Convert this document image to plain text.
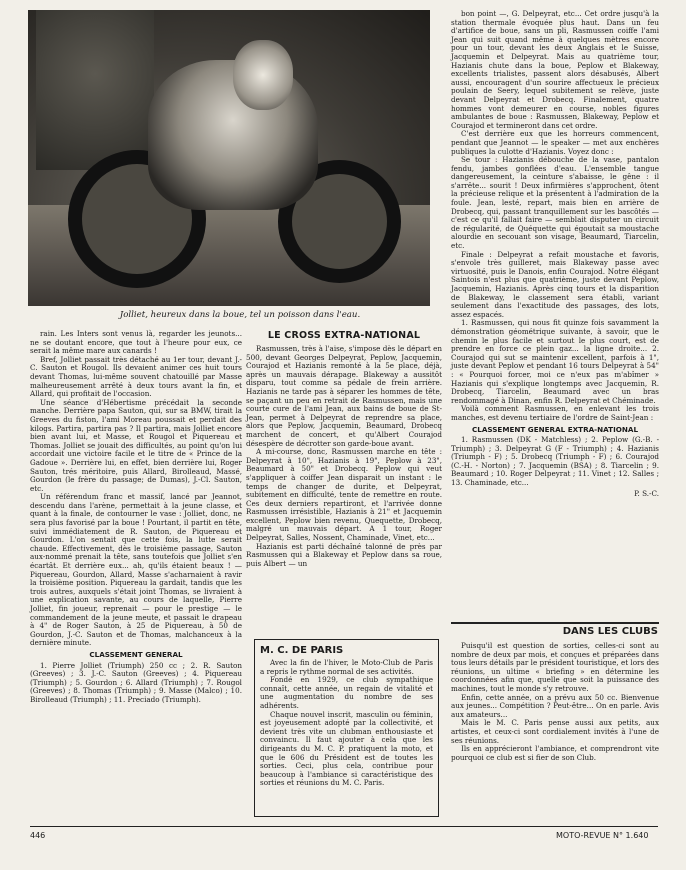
Jolliet, heureux dans la boue, tel un poisson dans l'eau.

rain. Les Inters sont venus là, regarder les jeunots... ne se doutant encore, que tout à l'heure pour eux, ce serait la même mare aux canards !

Bref, Jolliet passait très détaché au 1er tour, devant J.-C. Sauton et Rougol. Ils devaient animer ces huit tours devant Thomas, lui-même souvent chatouillé par Masse malheureusement arrêté à deux tours avant la fin, et Allard, qui profitait de l'occasion.

Une séance d'Hébertisme précédait la seconde manche. Derrière papa Sauton, qui, sur sa BMW, tirait la Greeves du fiston, l'ami Moreau poussait et perdait des kilogs. Partira, partira pas ? Il partira, mais Jolliet encore bien avant lui, et Masse, et Rougol et Piquereau et Thomas. Jolliet se jouait des difficultés, au point qu'on lui accordait une victoire facile et le titre de « Prince de la Gadoue ». Derrière lui, en effet, bien derrière lui, Roger Sauton, trés méritoire, puis Allard, Birolleaud, Massé, Gourdon (le frère du passage; de Dumas), J.-Cl. Sauton, etc.

Un référendum franc et massif, lancé par Jeannot, descendu dans l'arène, permettait à la jeune classe, et quant à la finale, de contourner le vase : Jolliet, donc, ne sera plus favorisé par la boue ! Pourtant, il partit en tête, suivi immédiatement de R. Sauton, de Piquereau et Gourdon. L'on sentait que cette fois, la lutte serait chaude. Effectivement, dès le troisième passage, Sauton aux-nommé prenait la tête, sans toutefois que Jolliet s'en écartât. Et derrière eux... ah, qu'ils étaient beaux ! — Piquereau, Gourdon, Allard, Masse s'acharnaient à ravir la troisième position. Piquereau la gardait, tandis que les trois autres, auxquels s'était joint Thomas, se livraient à une explication savante, au cours de laquelle, Pierre Jolliet, fin joueur, reprenait — pour le prestige — le commandement de la jeune meute, et passait le drapeau à 4" de Roger Sauton, à 25 de Piquereau, à 50 de Gourdon, J.-C. Sauton et de Thomas, malchanceux à la dernière minute.

CLASSEMENT GENERAL

1. Pierre Jolliet (Triumph) 250 cc ; 2. R. Sauton (Greeves) ; 3. J.-C. Sauton (Greeves) ; 4. Piquereau (Triumph) ; 5. Gourdon ; 6. Allard (Triumph) ; 7. Rougol (Greeves) ; 8. Thomas (Triumph) ; 9. Masse (Malco) ; 10. Birolleaud (Triumph) ; 11. Preciado (Triumph).

LE CROSS EXTRA-NATIONAL

Rasmussen, très à l'aise, s'impose dès le départ en 500, devant Georges Delpeyrat, Peplow, Jacquemin, Courajod et Hazianis remonté à la 5e place, déjà, après un mauvais dérapage. Blakeway a aussitôt disparu, tout comme sa pédale de frein arrière. Hazianis ne tarde pas à séparer les hommes de tête, se paçant un peu en retrait de Rasmussen, mais une courte cure de l'ami Jean, aux bains de boue de St-Jean, permet à Delpeyrat de reprendre sa place, alors que Peplow, Jacquemin, Beaumard, Drobecq marchent de concert, et qu'Albert Courajod désespère de décrotter son garde-boue avant.

A mi-course, donc, Rasmussen marche en tête : Delpeyrat à 10", Hazianis à 19", Peplow à 23", Beaumard à 50" et Drobecq. Peplow qui veut s'appliquer à coiffer Jean disparait un instant : le temps de changer de durite, et Delpeyrat, subitement en difficulté, tente de remettre en route. Ces deux derniers repartiront, et l'arrivée donne Rasmussen irrésistible, Hazianis à 21" et Jacquemin excellent, Peplow bien revenu, Quequette, Drobecq, malgré un mauvais départ. A 1 tour, Roger Delpeyrat, Salles, Nossent, Chaminade, Vinet, etc...

Hazianis est parti déchaîné talonné de près par Rasmussen qui a Blakeway et Peplow dans sa roue, puis Albert — un

bon point —, G. Delpeyrat, etc... Cet ordre jusqu'à la station thermale évoquée plus haut. Dans un feu d'artifice de boue, sans un pli, Rasmussen coiffe l'ami Jean qui suit quand même à quelques mètres encore pour un tour, devant les deux Anglais et le Suisse, Jacquemin et Delpeyrat. Mais au quatrième tour, Hazianis chute dans la boue, Peplow et Blakeway, excellents trialistes, passent alors désabusés, Albert aussi, encouragent d'un sourire affectueux le précieux poulain de Seery, lequel subitement se relève, juste devant Delpeyrat et Drobecq. Finalement, quatre hommes vont demeurer en course, nobles figures ambulantes de boue : Rasmussen, Blakeway, Peplow et Courajod et termineront dans cet ordre.

C'est derrière eux que les horreurs commencent, pendant que Jeannot — le speaker — met aux enchères publiques la culotte d'Hazianis. Voyez donc :

Se tour : Hazianis débouche de la vase, pantalon fendu, jambes gonflées d'eau. L'ensemble tangue dangereusement, la ceinture s'abaisse, le gêne : il s'arrête... sourit ! Deux infirmières s'approchent, ôtent la précieuse relique et la présentent à l'admiration de la foule. Jean, lesté, repart, mais bien en arrière de Drobecq, qui, passant tranquillement sur les bascôtés — c'est ce qu'il fallait faire — semblait disputer un circuit de régularité, de Quéquette qui égoutait sa moustache alourdie en secouant son visage, Beaumard, Tiarcelin, etc.

Finale : Delpeyrat a refait moustache et favoris, s'envole très guilleret, mais Blakeway passe avec virtuosité, puis le Danois, enfin Courajod. Notre élégant Saintois n'est plus que quatrième, juste devant Peplow, Jacquemin, Hazianis. Après cinq tours et la disparition de Blakeway, le classement sera établi, variant seulement dans l'exactitude des passages, des lots, assez espacés.

1. Rasmussen, qui nous fit quinze fois savamment la démonstration géométrique suivante, à savoir, que le chemin le plus facile et surtout le plus court, est de prendre en force ce plein gaz... la ligne droite... 2. Courajod qui sut se maintenir excellent, parfois à 1", juste devant Peplow et pendant 16 tours Delpeyrat à 54" : « Pourquoi forcer, moi ce n'eux pas m'abîmer » Hazianis qui s'explique longtemps avec Jacquemin, R. Drobecq, Tiarcelin, Beaumard avec un bras rendommagé à Dinan, enfin R. Delpeyrat et Chéminade.

Voilà comment Rasmussen, en enlevant les trois manches, est devenu tertiaire de l'ordre de Saint-Jean :

CLASSEMENT GENERAL EXTRA-NATIONAL

1. Rasmussen (DK - Matchless) ; 2. Peplow (G.-B. - Triumph) ; 3. Delpeyrat G (F - Triumph) ; 4. Hazianis (Triumph - F) ; 5. Drobecq (Triumph - F) ; 6. Courajod (C.-H. - Norton) ; 7. Jacquemin (BSA) ; 8. Tiarcelin ; 9. Beaumard ; 10. Roger Delpeyrat ; 11. Vinet ; 12. Salles ; 13. Chaminade, etc...

P. S.-C.
DANS LES CLUBS
M. C. DE PARIS

Avec la fin de l'hiver, le Moto-Club de Paris a repris le rythme normal de ses activités.

Fondé en 1929, ce club sympathique connaît, cette année, un regain de vitalité et une augmentation du nombre de ses adhérents.

Chaque nouvel inscrit, masculin ou féminin, est joyeusement adopté par la collectivité, et devient très vite un clubman enthousiaste et convaincu. Il faut ajouter à cela que les dirigeants du M. C. P. pratiquent la moto, et que le 606 du Président est de toutes les sorties. Ceci, plus cela, contribue pour beaucoup à l'ambiance si caractéristique des sorties et réunions du M. C. Paris.

Puisqu'il est question de sorties, celles-ci sont au nombre de deux par mois, et conçues et préparées dans tous leurs détails par le président touristique, et lors des réunions, un ultime « briefing » en détermine les coordonnées afin que, quelle que soit la puissance des machines, tout le monde s'y retrouve.

Enfin, cette année, on a prévu aux 50 cc. Bienvenue aux jeunes... Compétition ? Peut-être... On en parle. Avis aux amateurs...

Mais le M. C. Paris pense aussi aux petits, aux artistes, et ceux-ci sont cordialement invités à l'une de ses réunions.

Ils en apprécieront l'ambiance, et comprendront vite pourquoi ce club est si fier de son Club.

446	MOTO-REVUE N° 1.640
